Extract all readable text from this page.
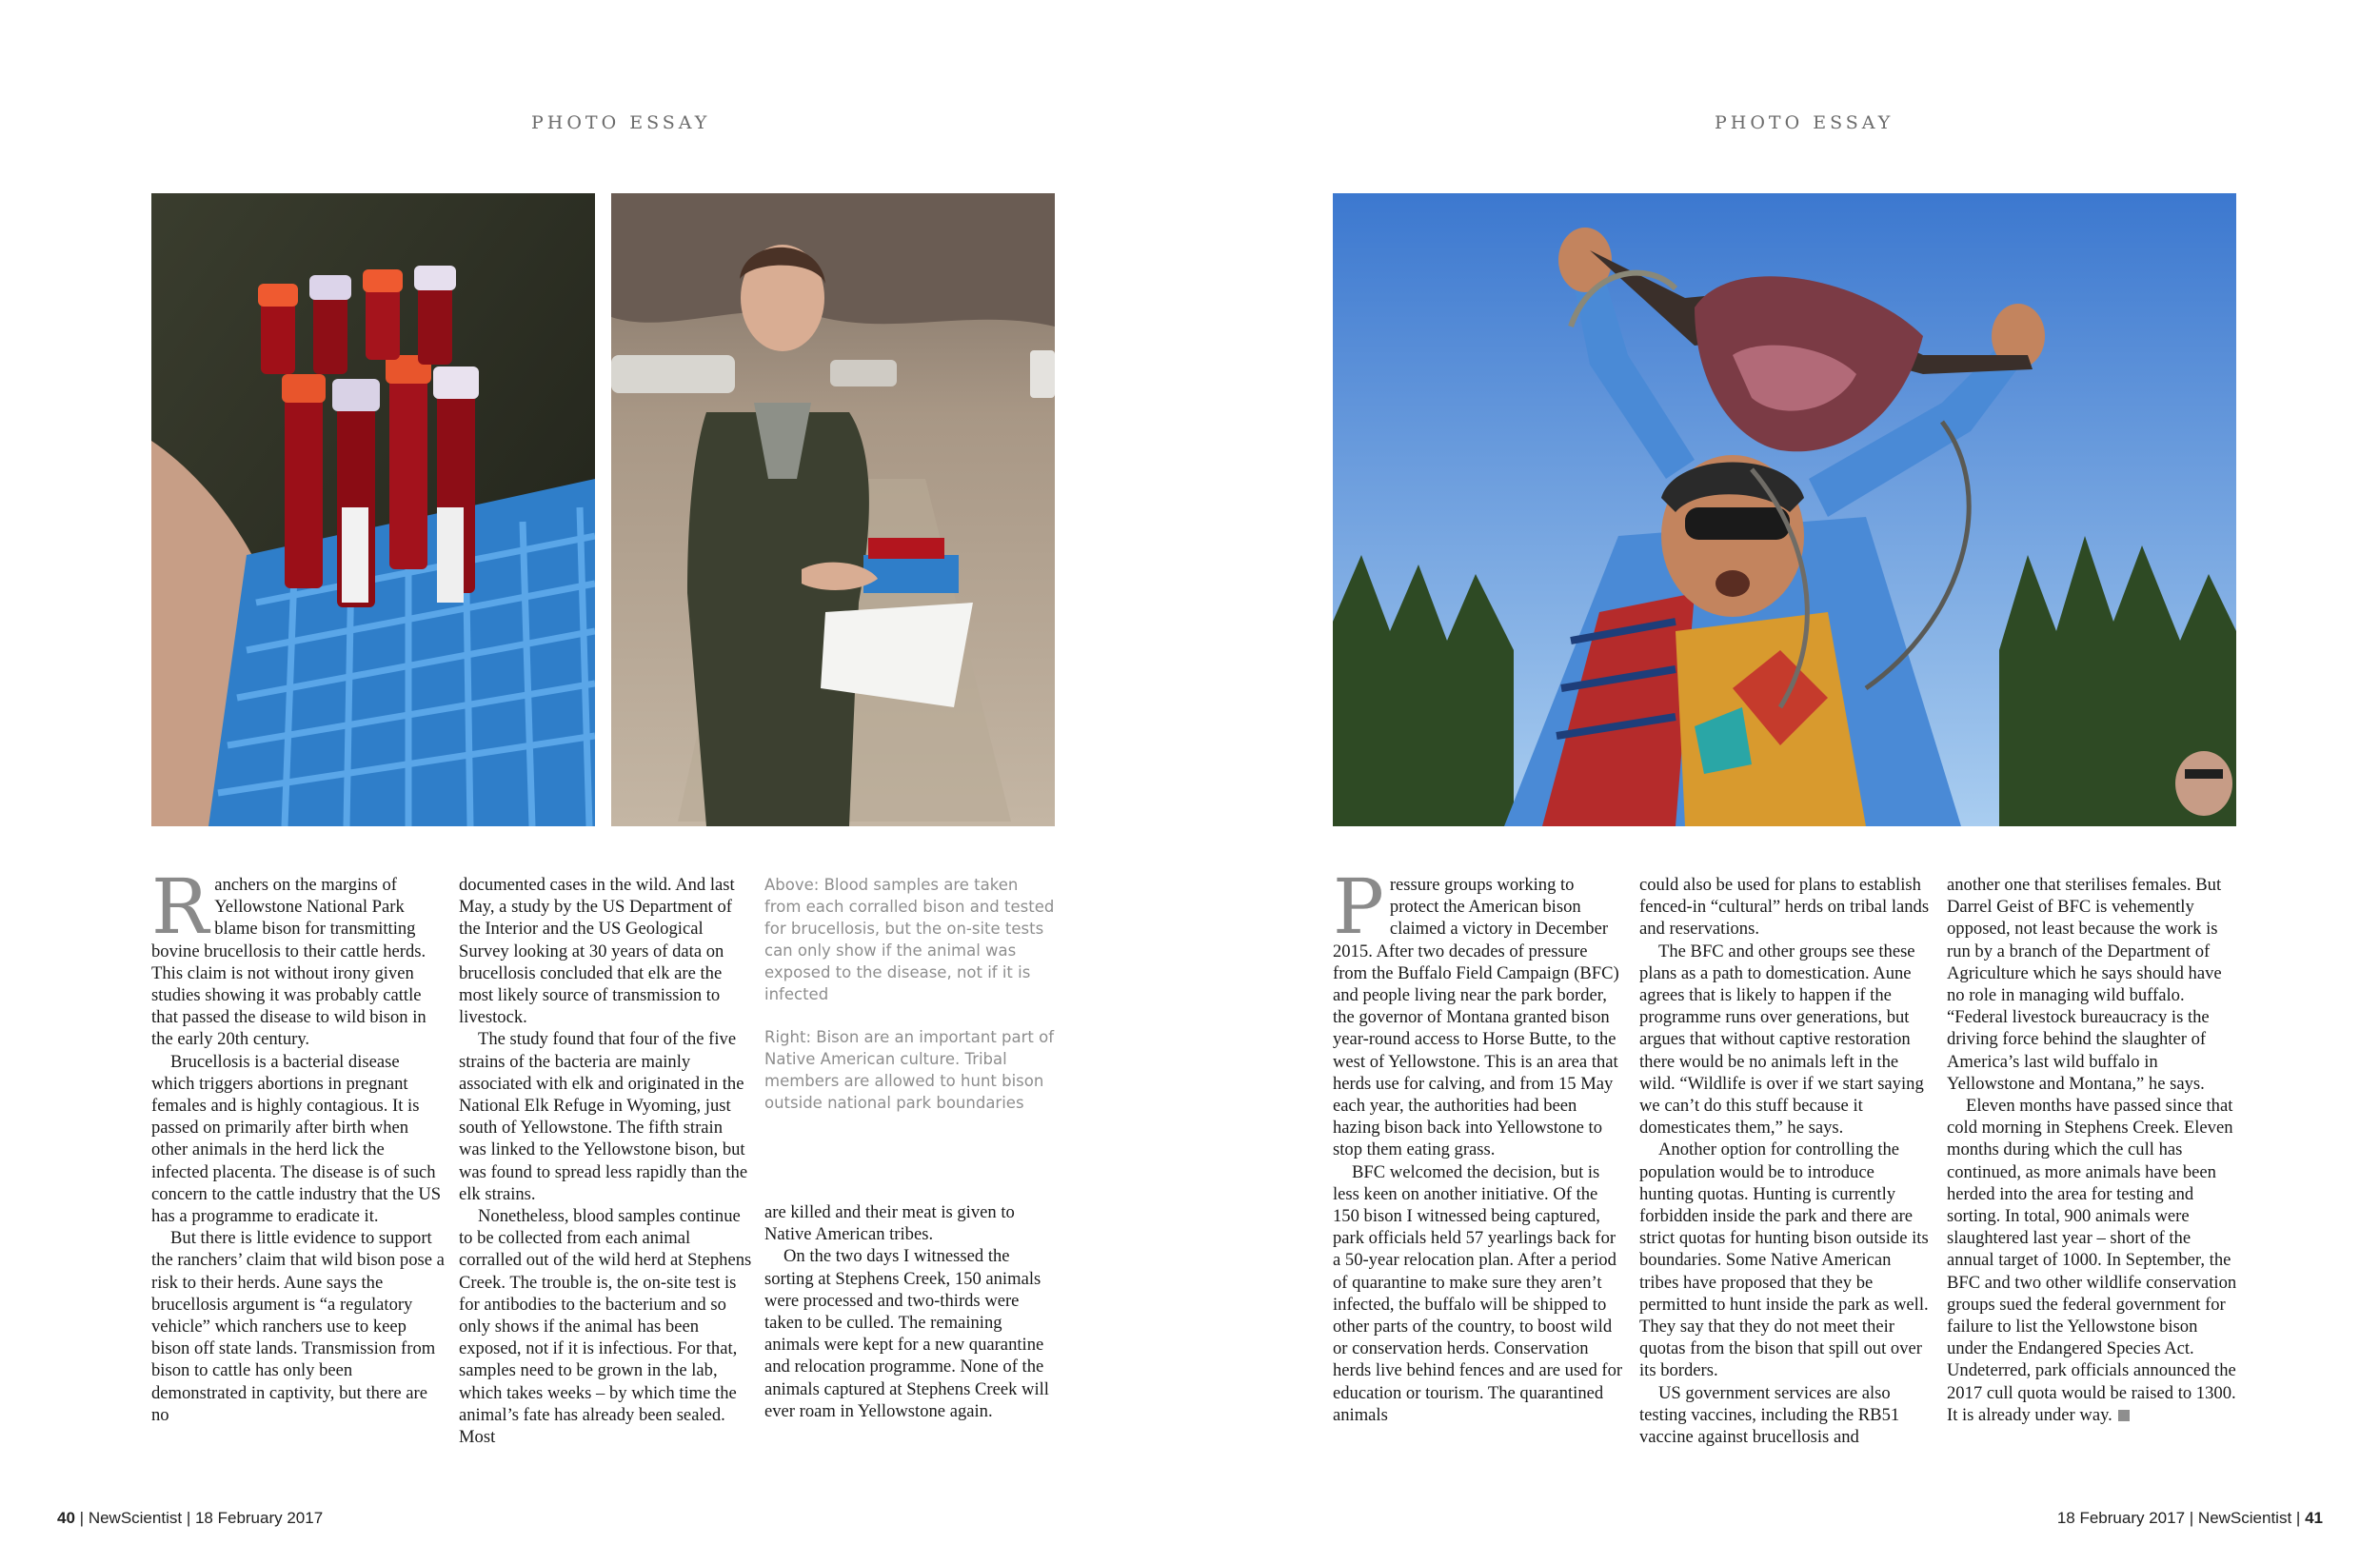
PHOTO ESSAY	PHOTO ESSAY

Ranchers on the margins of Yellowstone National Park blame bison for transmitting bovine brucellosis to their cattle herds. This claim is not without irony given studies showing it was probably cattle that passed the disease to wild bison in the early 20th century.

Brucellosis is a bacterial disease which triggers abortions in pregnant females and is highly contagious. It is passed on primarily after birth when other animals in the herd lick the infected placenta. The disease is of such concern to the cattle industry that the US has a programme to eradicate it.

But there is little evidence to support the ranchers’ claim that wild bison pose a risk to their herds. Aune says the brucellosis argument is “a regulatory vehicle” which ranchers use to keep bison off state lands. Transmission from bison to cattle has only been demonstrated in captivity, but there are no

documented cases in the wild. And last May, a study by the US Department of the Interior and the US Geological Survey looking at 30 years of data on brucellosis concluded that elk are the most likely source of transmission to livestock.

The study found that four of the five strains of the bacteria are mainly associated with elk and originated in the National Elk Refuge in Wyoming, just south of Yellowstone. The fifth strain was linked to the Yellowstone bison, but was found to spread less rapidly than the elk strains.

Nonetheless, blood samples continue to be collected from each animal corralled out of the wild herd at Stephens Creek. The trouble is, the on-site test is for antibodies to the bacterium and so only shows if the animal has been exposed, not if it is infectious. For that, samples need to be grown in the lab, which takes weeks – by which time the animal’s fate has already been sealed. Most

Above: Blood samples are taken from each corralled bison and tested for brucellosis, but the on-site tests can only show if the animal was exposed to the disease, not if it is infected

Right: Bison are an important part of Native American culture. Tribal members are allowed to hunt bison outside national park boundaries

are killed and their meat is given to Native American tribes.

On the two days I witnessed the sorting at Stephens Creek, 150 animals were processed and two-thirds were taken to be culled. The remaining animals were kept for a new quarantine and relocation programme. None of the animals captured at Stephens Creek will ever roam in Yellowstone again.

Pressure groups working to protect the American bison claimed a victory in December 2015. After two decades of pressure from the Buffalo Field Campaign (BFC) and people living near the park border, the governor of Montana granted bison year-round access to Horse Butte, to the west of Yellowstone. This is an area that herds use for calving, and from 15 May each year, the authorities had been hazing bison back into Yellowstone to stop them eating grass.

BFC welcomed the decision, but is less keen on another initiative. Of the 150 bison I witnessed being captured, park officials held 57 yearlings back for a 50-year relocation plan. After a period of quarantine to make sure they aren’t infected, the buffalo will be shipped to other parts of the country, to boost wild or conservation herds. Conservation herds live behind fences and are used for education or tourism. The quarantined animals

could also be used for plans to establish fenced-in “cultural” herds on tribal lands and reservations.

The BFC and other groups see these plans as a path to domestication. Aune agrees that is likely to happen if the programme runs over generations, but argues that without captive restoration there would be no animals left in the wild. “Wildlife is over if we start saying we can’t do this stuff because it domesticates them,” he says.

Another option for controlling the population would be to introduce hunting quotas. Hunting is currently forbidden inside the park and there are strict quotas for hunting bison outside its boundaries. Some Native American tribes have proposed that they be permitted to hunt inside the park as well. They say that they do not meet their quotas from the bison that spill out over its borders.

US government services are also testing vaccines, including the RB51 vaccine against brucellosis and

another one that sterilises females. But Darrel Geist of BFC is vehemently opposed, not least because the work is run by a branch of the Department of Agriculture which he says should have no role in managing wild buffalo. “Federal livestock bureaucracy is the driving force behind the slaughter of America’s last wild buffalo in Yellowstone and Montana,” he says.

Eleven months have passed since that cold morning in Stephens Creek. Eleven months during which the cull has continued, as more animals have been herded into the area for testing and sorting. In total, 900 animals were slaughtered last year – short of the annual target of 1000. In September, the BFC and two other wildlife conservation groups sued the federal government for failure to list the Yellowstone bison under the Endangered Species Act. Undeterred, park officials announced the 2017 cull quota would be raised to 1300. It is already under way.

40 | NewScientist | 18 February 2017	18 February 2017 | NewScientist | 41
